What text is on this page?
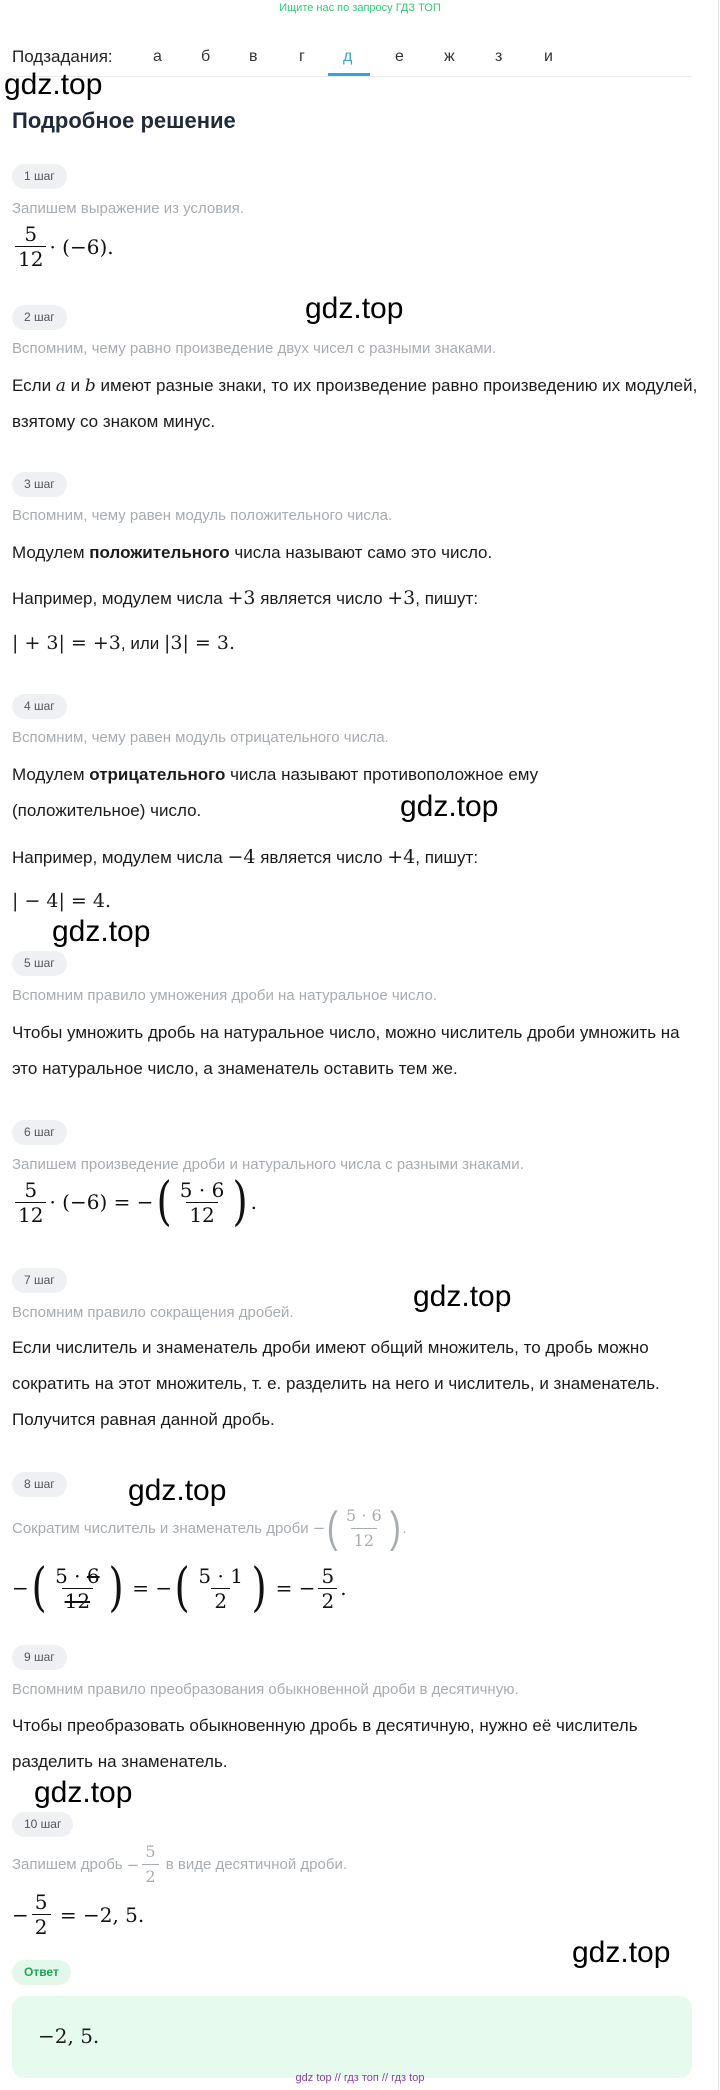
Ищите нас по запросу ГДЗ ТОП
Подзадания:	а б в	г д	е	ж	з	и
gdz.top
gdz.top
gdz.top
gdz.top
gdz.top
gdz.top
gdz.top
gdz.top
Подробное решение
1 шаг
Запишем выражение из условия.
$\frac{5}{12} \cdot (-6)$ .
2 шаг
Вспомним, чему равно произведение двух чисел с разными знаками.
Если a и b имеют разные знаки, то их произведение равно произведению их модулей, взятому со знаком минус.
3 шаг
Вспомним, чему равен модуль положительного числа.
Модулем положительного числа называют само это число.
Например, модулем числа +3 является число +3, пишут:
| + 3| = +3, или |3| = 3.
4 шаг
Вспомним, чему равен модуль отрицательного числа.
Модулем отрицательного числа называют противоположное ему (положительное) число.
Например, модулем числа −4 является число +4, пишут:
| − 4| = 4.
5 шаг
Вспомним правило умножения дроби на натуральное число.
Чтобы умножить дробь на натуральное число, можно числитель дроби умножить на это натуральное число, а знаменатель оставить тем же.
6 шаг
Запишем произведение дроби и натурального числа с разными знаками.
$\frac{5}{12} \cdot (-6)$
= − ( $\frac{5 \cdot 6}{12}$ ) .
7 шаг
Вспомним правило сокращения дробей.
Если числитель и знаменатель дроби имеют общий множитель, то дробь можно сократить на этот множитель, т. е. разделить на него и числитель, и знаменатель. Получится равная данной дробь.
8 шаг
Сократим числитель и знаменатель дроби
− ( $\frac{5 \cdot 6}{12}$ ) .
− ( $\frac{5 \cdot 6}{12}$ )
= − ( $\frac{5 \cdot 1}{2}$ )
= − $\frac{5}{2}$ .
9 шаг
Вспомним правило преобразования обыкновенной дроби в десятичную.
Чтобы преобразовать обыкновенную дробь в десятичную, нужно её числитель разделить на знаменатель.
10 шаг
Запишем дробь
− $\frac{5}{2}$
в виде десятичной дроби.
− $\frac{5}{2}$
= −2, 5.
Ответ
−2, 5.
gdz top // гдз топ // гдз top
